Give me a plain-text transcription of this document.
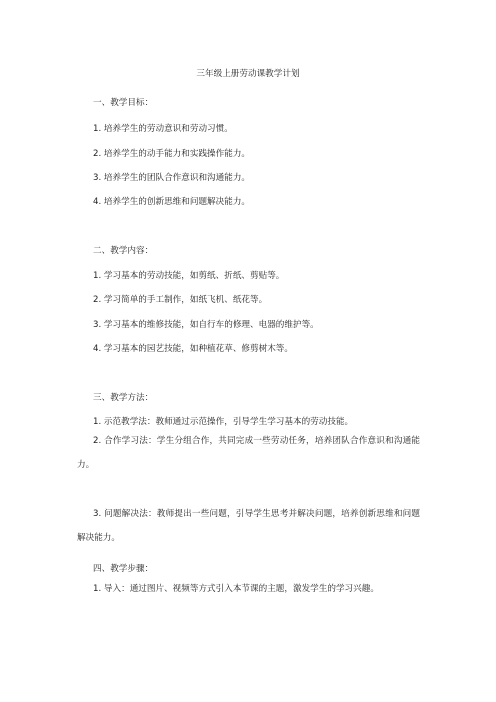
三年级上册劳动课教学计划
一、教学目标：
1. 培养学生的劳动意识和劳动习惯。
2. 培养学生的动手能力和实践操作能力。
3. 培养学生的团队合作意识和沟通能力。
4. 培养学生的创新思维和问题解决能力。
二、教学内容：
1. 学习基本的劳动技能，如剪纸、折纸、剪贴等。
2. 学习简单的手工制作，如纸飞机、纸花等。
3. 学习基本的维修技能，如自行车的修理、电器的维护等。
4. 学习基本的园艺技能，如种植花草、修剪树木等。
三、教学方法：
1. 示范教学法：教师通过示范操作，引导学生学习基本的劳动技能。
2. 合作学习法：学生分组合作，共同完成一些劳动任务，培养团队合作意识和沟通能力。
3. 问题解决法：教师提出一些问题，引导学生思考并解决问题，培养创新思维和问题解决能力。
四、教学步骤：
1. 导入：通过图片、视频等方式引入本节课的主题，激发学生的学习兴趣。
